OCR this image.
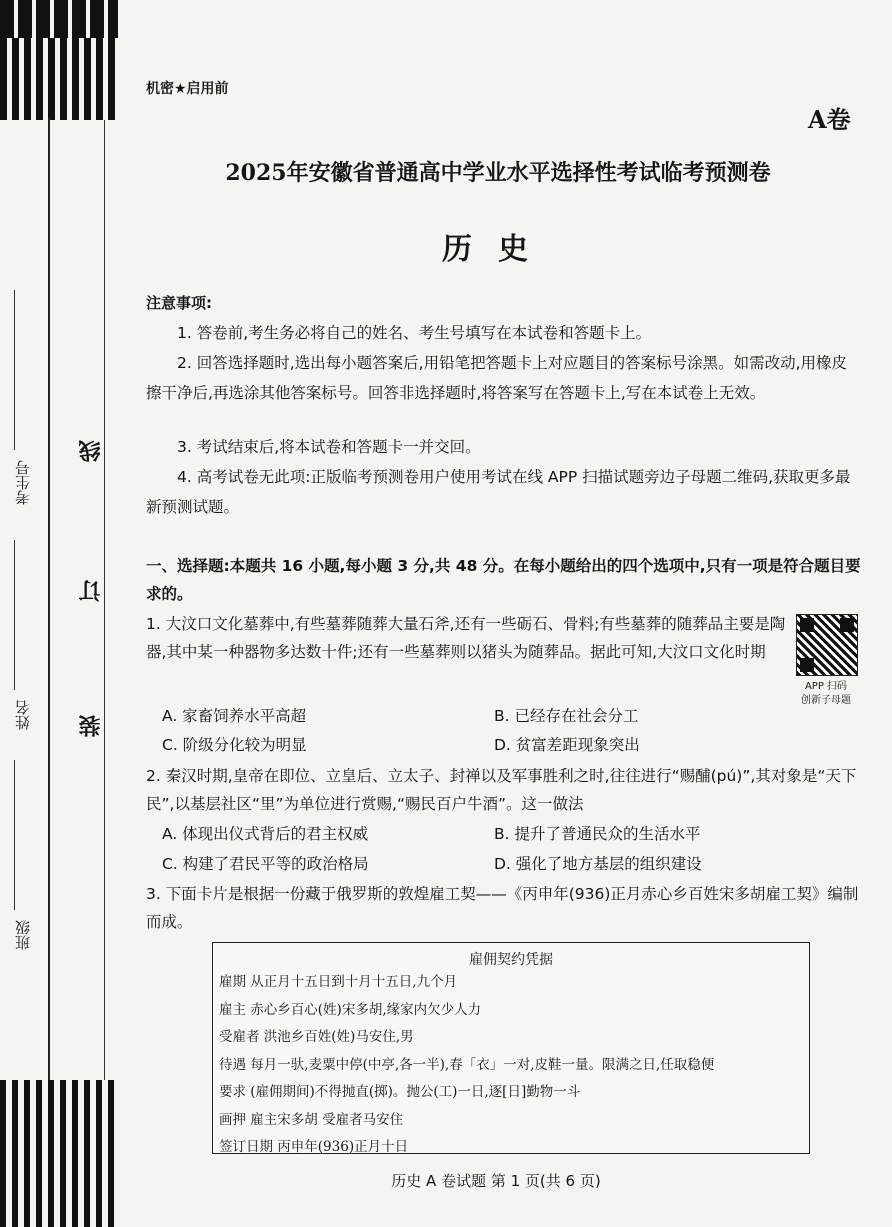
班级
姓名
考生号
线
订
装
机密★启用前
A卷
2025年安徽省普通高中学业水平选择性考试临考预测卷
历史
注意事项:
1. 答卷前,考生务必将自己的姓名、考生号填写在本试卷和答题卡上。
2. 回答选择题时,选出每小题答案后,用铅笔把答题卡上对应题目的答案标号涂黑。如需改动,用橡皮擦干净后,再选涂其他答案标号。回答非选择题时,将答案写在答题卡上,写在本试卷上无效。
3. 考试结束后,将本试卷和答题卡一并交回。
4. 高考试卷无此项:正版临考预测卷用户使用考试在线 APP 扫描试题旁边子母题二维码,获取更多最新预测试题。
一、选择题:本题共 16 小题,每小题 3 分,共 48 分。在每小题给出的四个选项中,只有一项是符合题目要求的。
1. 大汶口文化墓葬中,有些墓葬随葬大量石斧,还有一些砺石、骨料;有些墓葬的随葬品主要是陶器,其中某一种器物多达数十件;还有一些墓葬则以猪头为随葬品。据此可知,大汶口文化时期
APP 扫码
创新子母题
A. 家畜饲养水平高超	B. 已经存在社会分工
C. 阶级分化较为明显	D. 贫富差距现象突出
2. 秦汉时期,皇帝在即位、立皇后、立太子、封禅以及军事胜利之时,往往进行“赐酺(pú)”,其对象是“天下民”,以基层社区“里”为单位进行赏赐,“赐民百户牛酒”。这一做法
A. 体现出仪式背后的君主权威	B. 提升了普通民众的生活水平
C. 构建了君民平等的政治格局	D. 强化了地方基层的组织建设
3. 下面卡片是根据一份藏于俄罗斯的敦煌雇工契——《丙申年(936)正月赤心乡百姓宋多胡雇工契》编制而成。
雇佣契约凭据
雇期 从正月十五日到十月十五日,九个月
雇主 赤心乡百心(姓)宋多胡,缘家内欠少人力
受雇者 洪池乡百姓(姓)马安住,男
待遇 每月一驮,麦粟中停(中亭,各一半),春「衣」一对,皮鞋一量。限满之日,任取稳便
要求 (雇佣期间)不得抛直(掷)。抛公(工)一日,逐[日]勤物一斗
画押 雇主宋多胡 受雇者马安住
签订日期 丙申年(936)正月十日
历史 A 卷试题 第 1 页(共 6 页)
